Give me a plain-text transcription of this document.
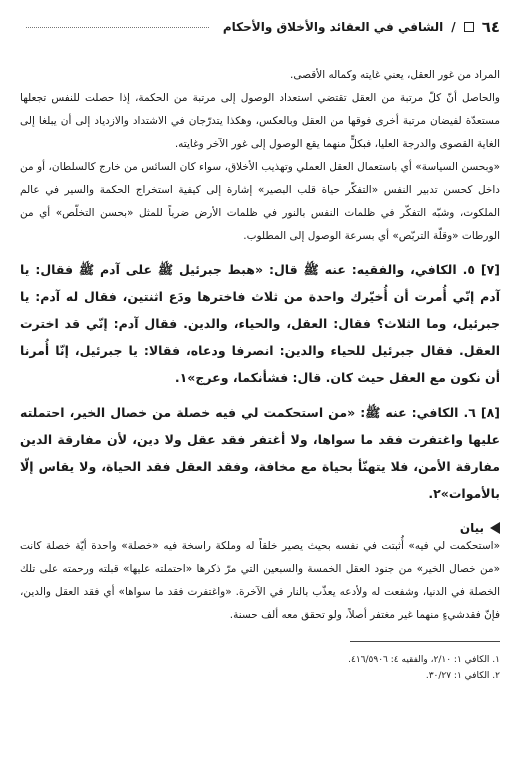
٦٤
/
الشافي في العقائد والأخلاق والأحكام

المراد من غور العقل، يعني غايته وكماله الأقصى.

والحاصل أنّ كلّ مرتبة من العقل تقتضي استعداد الوصول إلى مرتبة من الحكمة، إذا حصلت للنفس تجعلها مستعدّة لفيضان مرتبة أخرى فوقها من العقل وبالعكس، وهكذا يتدرّجان في الاشتداد والازدياد إلى أن يبلغا إلى الغاية القصوى والدرجة العليا، فبكلٍّ منهما يقع الوصول إلى غور الآخر وغايته.

«وبحسن السياسة» أي باستعمال العقل العملي وتهذيب الأخلاق، سواء كان السائس من خارج كالسلطان، أو من داخل كحسن تدبير النفس «التفكّر حياة قلب البصير» إشارة إلى كيفية استخراج الحكمة والسير في عالم الملكوت، وشبّه التفكّر في ظلمات النفس بالنور في ظلمات الأرض ضرباً للمثل «بحسن التخلّص» أي من الورطات «وقلّة التربّص» أي بسرعة الوصول إلى المطلوب.

[٧] ٥. الكافي، والفقيه: عنه ﷺ قال: «هبط جبرئيل ﷺ على آدم ﷺ فقال: يا آدم إنّي أُمرت أن أُخيّرك واحدة من ثلاث فاخترها ودَع اثنتين، فقال له آدم: يا جبرئيل، وما الثلاث؟ فقال: العقل، والحياء، والدين. فقال آدم: إنّي قد اخترت العقل. فقال جبرئيل للحياء والدين: انصرفا ودعاه، فقالا: يا جبرئيل، إنّا أُمرنا أن نكون مع العقل حيث كان. قال: فشأنكما، وعرج»١.

[٨] ٦. الكافي: عنه ﷺ: «من استحكمت لي فيه خصلة من خصال الخير، احتملته عليها واغتفرت فقد ما سواها، ولا أغتفر فقد عقل ولا دين، لأن مفارقة الدين مفارقة الأمن، فلا يتهنّأ بحياة مع مخافة، وفقد العقل فقد الحياة، ولا يقاس إلّا بالأموات»٢.

بيان

«استحكمت لي فيه» أُثبتت في نفسه بحيث يصير خلقاً له وملكة راسخة فيه «خصلة» واحدة أيّة خصلة كانت «من خصال الخير» من جنود العقل الخمسة والسبعين التي مرّ ذكرها «احتملته عليها» قبلته ورحمته على تلك الخصلة في الدنيا، وشفعت له ولأدعه يعذّب بالنار في الآخرة. «واغتفرت فقد ما سواها» أي فقد العقل والدين، فإنّ فقدشيءٍ منهما غير مغتفر أصلاً، ولو تحقق معه ألف حسنة.

١. الكافي ١: ٢/١٠، والفقيه ٤: ٤١٦/٥٩٠٦.

٢. الكافي ١: ٣٠/٢٧.
